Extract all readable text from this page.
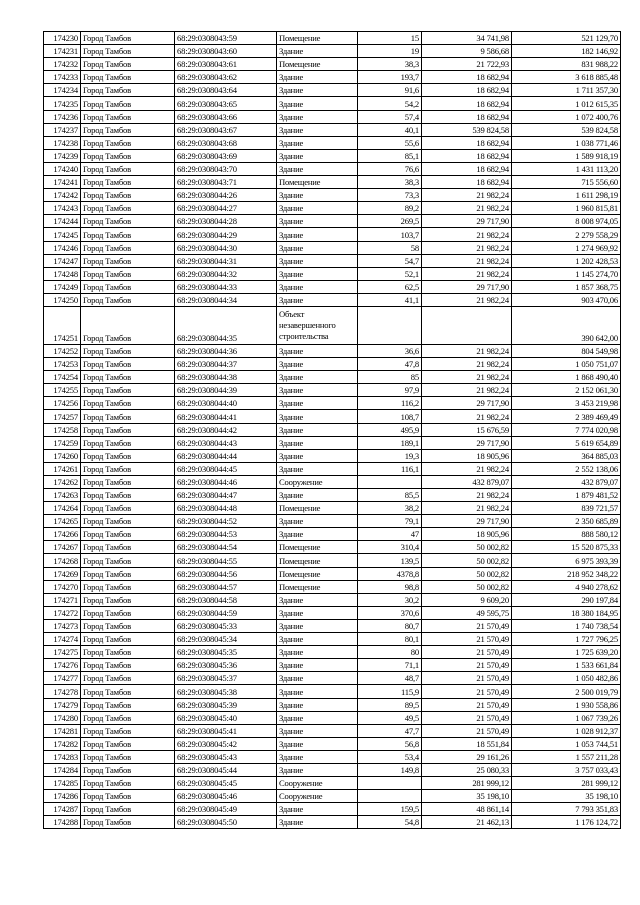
174230	Город Тамбов	68:29:0308043:59	Помещение	15	34 741,98	521 129,70
174231	Город Тамбов	68:29:0308043:60	Здание	19	9 586,68	182 146,92
174232	Город Тамбов	68:29:0308043:61	Помещение	38,3	21 722,93	831 988,22
174233	Город Тамбов	68:29:0308043:62	Здание	193,7	18 682,94	3 618 885,48
174234	Город Тамбов	68:29:0308043:64	Здание	91,6	18 682,94	1 711 357,30
174235	Город Тамбов	68:29:0308043:65	Здание	54,2	18 682,94	1 012 615,35
174236	Город Тамбов	68:29:0308043:66	Здание	57,4	18 682,94	1 072 400,76
174237	Город Тамбов	68:29:0308043:67	Здание	40,1	539 824,58	539 824,58
174238	Город Тамбов	68:29:0308043:68	Здание	55,6	18 682,94	1 038 771,46
174239	Город Тамбов	68:29:0308043:69	Здание	85,1	18 682,94	1 589 918,19
174240	Город Тамбов	68:29:0308043:70	Здание	76,6	18 682,94	1 431 113,20
174241	Город Тамбов	68:29:0308043:71	Помещение	38,3	18 682,94	715 556,60
174242	Город Тамбов	68:29:0308044:26	Здание	73,3	21 982,24	1 611 298,19
174243	Город Тамбов	68:29:0308044:27	Здание	89,2	21 982,24	1 960 815,81
174244	Город Тамбов	68:29:0308044:28	Здание	269,5	29 717,90	8 008 974,05
174245	Город Тамбов	68:29:0308044:29	Здание	103,7	21 982,24	2 279 558,29
174246	Город Тамбов	68:29:0308044:30	Здание	58	21 982,24	1 274 969,92
174247	Город Тамбов	68:29:0308044:31	Здание	54,7	21 982,24	1 202 428,53
174248	Город Тамбов	68:29:0308044:32	Здание	52,1	21 982,24	1 145 274,70
174249	Город Тамбов	68:29:0308044:33	Здание	62,5	29 717,90	1 857 368,75
174250	Город Тамбов	68:29:0308044:34	Здание	41,1	21 982,24	903 470,06
174251	Город Тамбов	68:29:0308044:35	Объект незавершенного строительства			390 642,00
174252	Город Тамбов	68:29:0308044:36	Здание	36,6	21 982,24	804 549,98
174253	Город Тамбов	68:29:0308044:37	Здание	47,8	21 982,24	1 050 751,07
174254	Город Тамбов	68:29:0308044:38	Здание	85	21 982,24	1 868 490,40
174255	Город Тамбов	68:29:0308044:39	Здание	97,9	21 982,24	2 152 061,30
174256	Город Тамбов	68:29:0308044:40	Здание	116,2	29 717,90	3 453 219,98
174257	Город Тамбов	68:29:0308044:41	Здание	108,7	21 982,24	2 389 469,49
174258	Город Тамбов	68:29:0308044:42	Здание	495,9	15 676,59	7 774 020,98
174259	Город Тамбов	68:29:0308044:43	Здание	189,1	29 717,90	5 619 654,89
174260	Город Тамбов	68:29:0308044:44	Здание	19,3	18 905,96	364 885,03
174261	Город Тамбов	68:29:0308044:45	Здание	116,1	21 982,24	2 552 138,06
174262	Город Тамбов	68:29:0308044:46	Сооружение		432 879,07	432 879,07
174263	Город Тамбов	68:29:0308044:47	Здание	85,5	21 982,24	1 879 481,52
174264	Город Тамбов	68:29:0308044:48	Помещение	38,2	21 982,24	839 721,57
174265	Город Тамбов	68:29:0308044:52	Здание	79,1	29 717,90	2 350 685,89
174266	Город Тамбов	68:29:0308044:53	Здание	47	18 905,96	888 580,12
174267	Город Тамбов	68:29:0308044:54	Помещение	310,4	50 002,82	15 520 875,33
174268	Город Тамбов	68:29:0308044:55	Помещение	139,5	50 002,82	6 975 393,39
174269	Город Тамбов	68:29:0308044:56	Помещение	4378,8	50 002,82	218 952 348,22
174270	Город Тамбов	68:29:0308044:57	Помещение	98,8	50 002,82	4 940 278,62
174271	Город Тамбов	68:29:0308044:58	Здание	30,2	9 609,20	290 197,84
174272	Город Тамбов	68:29:0308044:59	Здание	370,6	49 595,75	18 380 184,95
174273	Город Тамбов	68:29:0308045:33	Здание	80,7	21 570,49	1 740 738,54
174274	Город Тамбов	68:29:0308045:34	Здание	80,1	21 570,49	1 727 796,25
174275	Город Тамбов	68:29:0308045:35	Здание	80	21 570,49	1 725 639,20
174276	Город Тамбов	68:29:0308045:36	Здание	71,1	21 570,49	1 533 661,84
174277	Город Тамбов	68:29:0308045:37	Здание	48,7	21 570,49	1 050 482,86
174278	Город Тамбов	68:29:0308045:38	Здание	115,9	21 570,49	2 500 019,79
174279	Город Тамбов	68:29:0308045:39	Здание	89,5	21 570,49	1 930 558,86
174280	Город Тамбов	68:29:0308045:40	Здание	49,5	21 570,49	1 067 739,26
174281	Город Тамбов	68:29:0308045:41	Здание	47,7	21 570,49	1 028 912,37
174282	Город Тамбов	68:29:0308045:42	Здание	56,8	18 551,84	1 053 744,51
174283	Город Тамбов	68:29:0308045:43	Здание	53,4	29 161,26	1 557 211,28
174284	Город Тамбов	68:29:0308045:44	Здание	149,8	25 080,33	3 757 033,43
174285	Город Тамбов	68:29:0308045:45	Сооружение		281 999,12	281 999,12
174286	Город Тамбов	68:29:0308045:46	Сооружение		35 198,10	35 198,10
174287	Город Тамбов	68:29:0308045:49	Здание	159,5	48 861,14	7 793 351,83
174288	Город Тамбов	68:29:0308045:50	Здание	54,8	21 462,13	1 176 124,72
